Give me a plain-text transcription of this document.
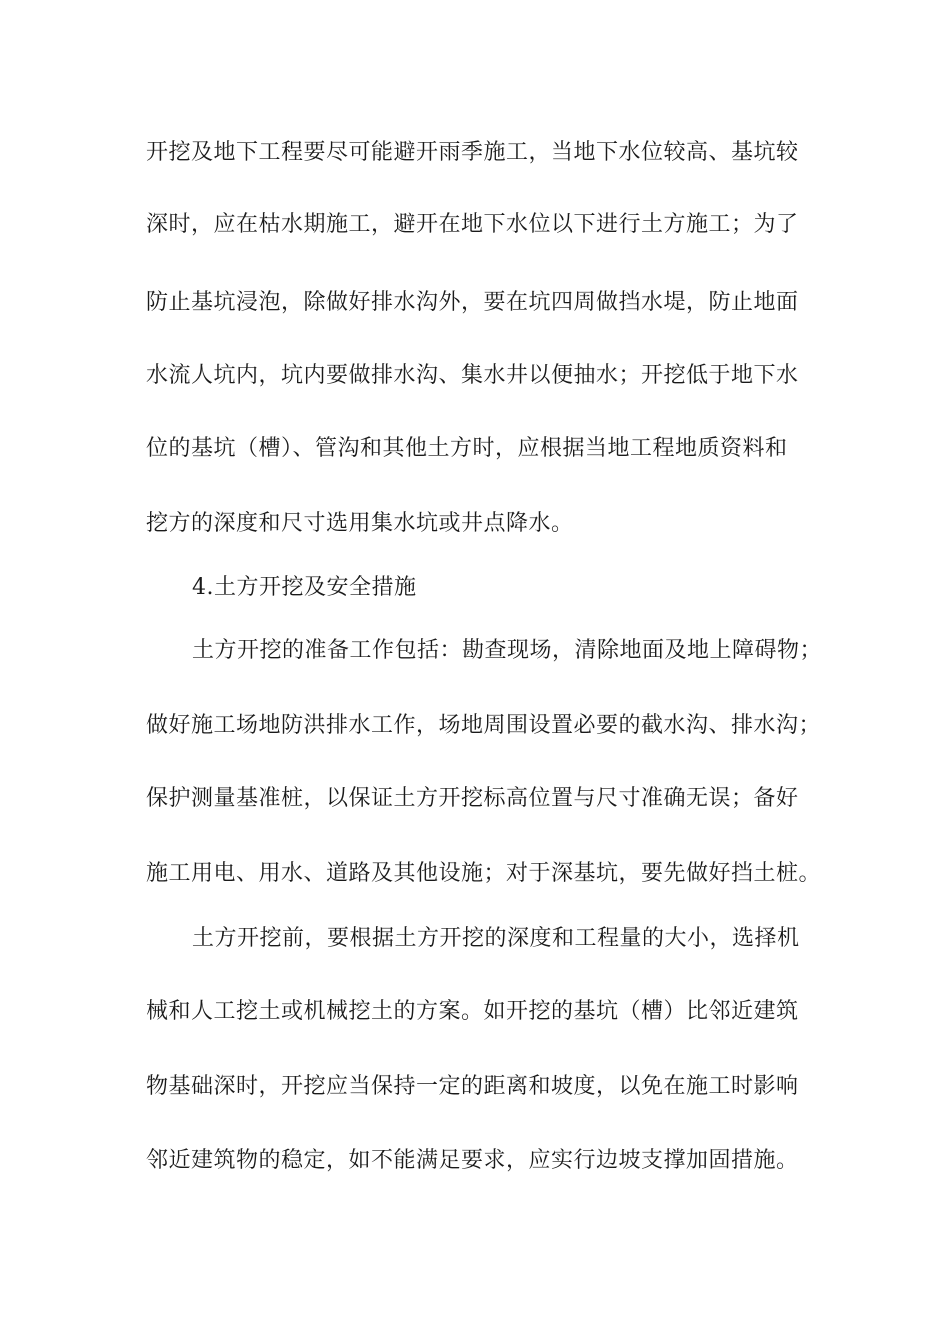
开挖及地下工程要尽可能避开雨季施工，当地下水位较高、基坑较

深时，应在枯水期施工，避开在地下水位以下进行土方施工；为了

防止基坑浸泡，除做好排水沟外，要在坑四周做挡水堤，防止地面

水流人坑内，坑内要做排水沟、集水井以便抽水；开挖低于地下水

位的基坑（槽）、管沟和其他土方时，应根据当地工程地质资料和

挖方的深度和尺寸选用集水坑或井点降水。

4.土方开挖及安全措施

土方开挖的准备工作包括：勘查现场，清除地面及地上障碍物；

做好施工场地防洪排水工作，场地周围设置必要的截水沟、排水沟；

保护测量基准桩，以保证土方开挖标高位置与尺寸准确无误；备好

施工用电、用水、道路及其他设施；对于深基坑，要先做好挡土桩。

土方开挖前，要根据土方开挖的深度和工程量的大小，选择机

械和人工挖土或机械挖土的方案。如开挖的基坑（槽）比邻近建筑

物基础深时，开挖应当保持一定的距离和坡度，以免在施工时影响

邻近建筑物的稳定，如不能满足要求，应实行边坡支撑加固措施。
